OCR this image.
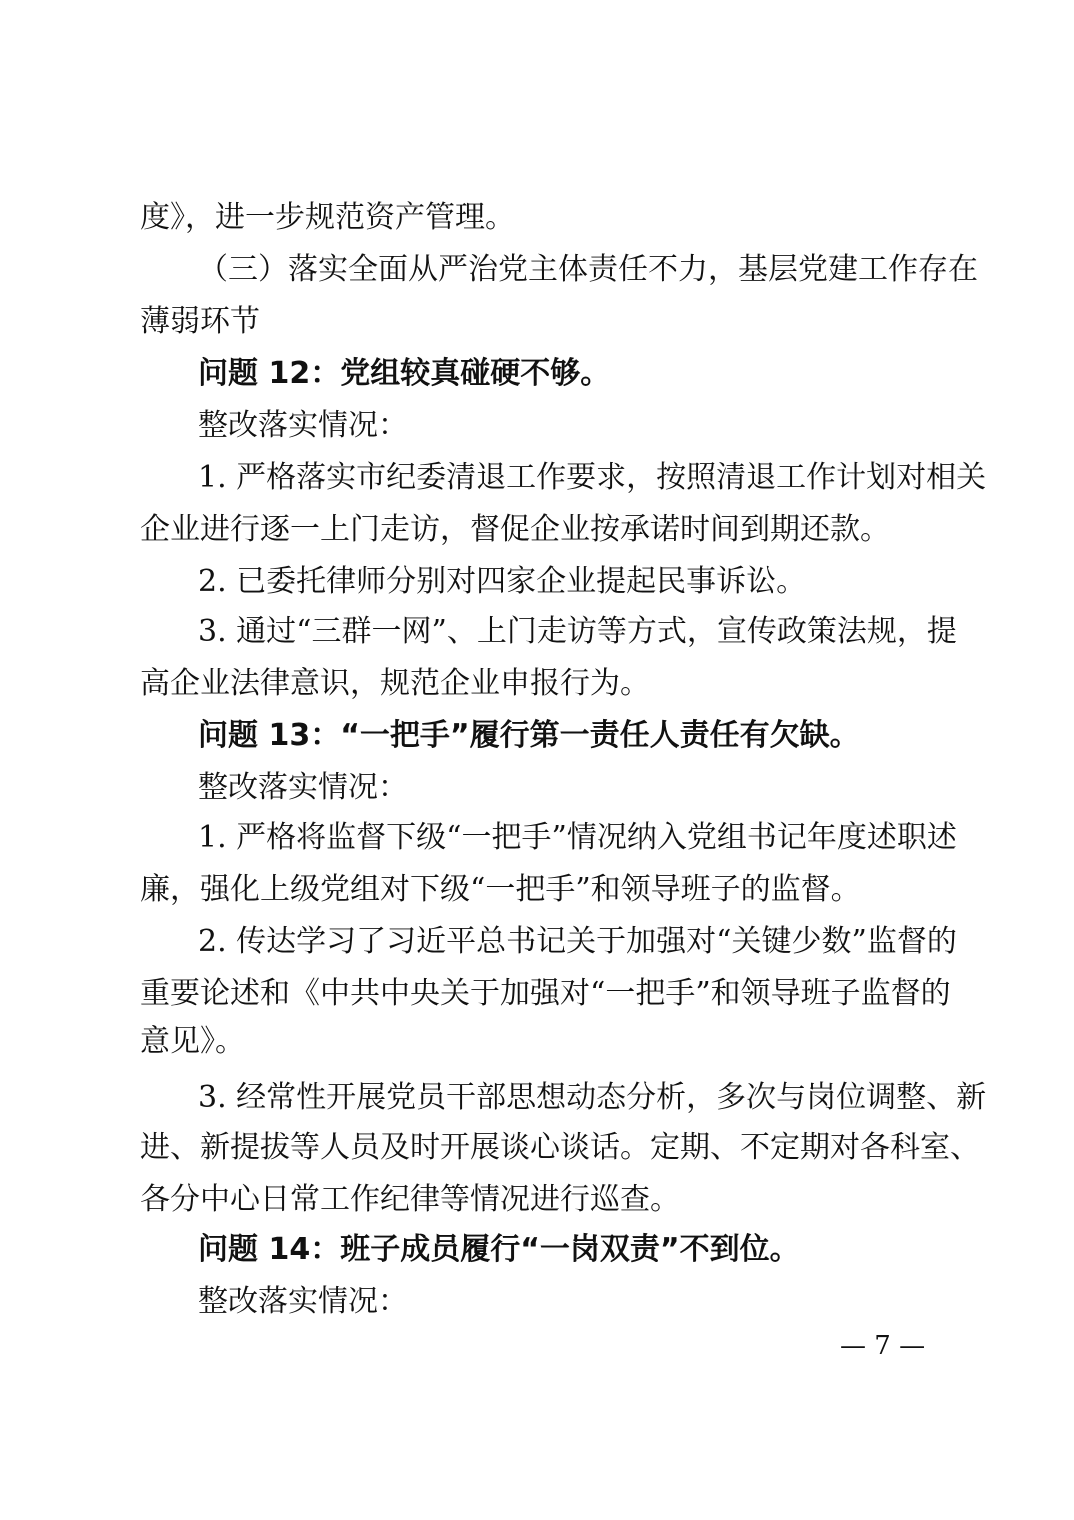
度》，进一步规范资产管理。

（三）落实全面从严治党主体责任不力，基层党建工作存在

薄弱环节

问题 12：党组较真碰硬不够。

整改落实情况：

1. 严格落实市纪委清退工作要求，按照清退工作计划对相关

企业进行逐一上门走访，督促企业按承诺时间到期还款。

2. 已委托律师分别对四家企业提起民事诉讼。

3. 通过“三群一网”、上门走访等方式，宣传政策法规，提

高企业法律意识，规范企业申报行为。

问题 13：“一把手”履行第一责任人责任有欠缺。

整改落实情况：

1. 严格将监督下级“一把手”情况纳入党组书记年度述职述

廉，强化上级党组对下级“一把手”和领导班子的监督。

2. 传达学习了习近平总书记关于加强对“关键少数”监督的

重要论述和《中共中央关于加强对“一把手”和领导班子监督的

意见》。

3. 经常性开展党员干部思想动态分析，多次与岗位调整、新

进、新提拔等人员及时开展谈心谈话。定期、不定期对各科室、

各分中心日常工作纪律等情况进行巡查。

问题 14：班子成员履行“一岗双责”不到位。

整改落实情况：

— 7 —
